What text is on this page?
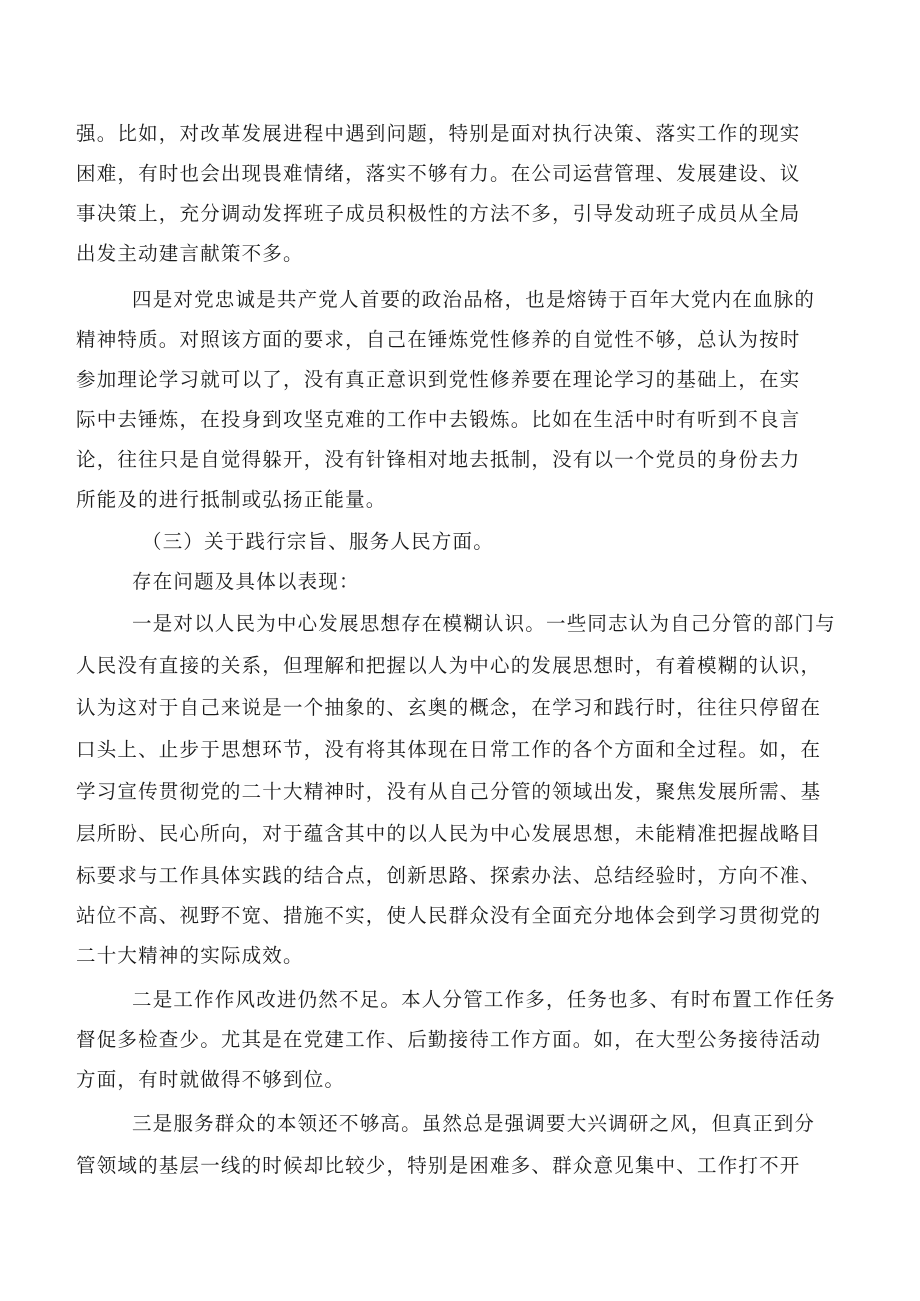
强。比如，对改革发展进程中遇到问题，特别是面对执行决策、落实工作的现实
困难，有时也会出现畏难情绪，落实不够有力。在公司运营管理、发展建设、议
事决策上，充分调动发挥班子成员积极性的方法不多，引导发动班子成员从全局
出发主动建言献策不多。
四是对党忠诚是共产党人首要的政治品格，也是熔铸于百年大党内在血脉的
精神特质。对照该方面的要求，自己在锤炼党性修养的自觉性不够，总认为按时
参加理论学习就可以了，没有真正意识到党性修养要在理论学习的基础上，在实
际中去锤炼，在投身到攻坚克难的工作中去锻炼。比如在生活中时有听到不良言
论，往往只是自觉得躲开，没有针锋相对地去抵制，没有以一个党员的身份去力
所能及的进行抵制或弘扬正能量。
（三）关于践行宗旨、服务人民方面。
存在问题及具体以表现：
一是对以人民为中心发展思想存在模糊认识。一些同志认为自己分管的部门与
人民没有直接的关系，但理解和把握以人为中心的发展思想时，有着模糊的认识，
认为这对于自己来说是一个抽象的、玄奥的概念，在学习和践行时，往往只停留在
口头上、止步于思想环节，没有将其体现在日常工作的各个方面和全过程。如，在
学习宣传贯彻党的二十大精神时，没有从自己分管的领域出发，聚焦发展所需、基
层所盼、民心所向，对于蕴含其中的以人民为中心发展思想，未能精准把握战略目
标要求与工作具体实践的结合点，创新思路、探索办法、总结经验时，方向不准、
站位不高、视野不宽、措施不实，使人民群众没有全面充分地体会到学习贯彻党的
二十大精神的实际成效。
二是工作作风改进仍然不足。本人分管工作多，任务也多、有时布置工作任务
督促多检查少。尤其是在党建工作、后勤接待工作方面。如，在大型公务接待活动
方面，有时就做得不够到位。
三是服务群众的本领还不够高。虽然总是强调要大兴调研之风，但真正到分
管领域的基层一线的时候却比较少，特别是困难多、群众意见集中、工作打不开
